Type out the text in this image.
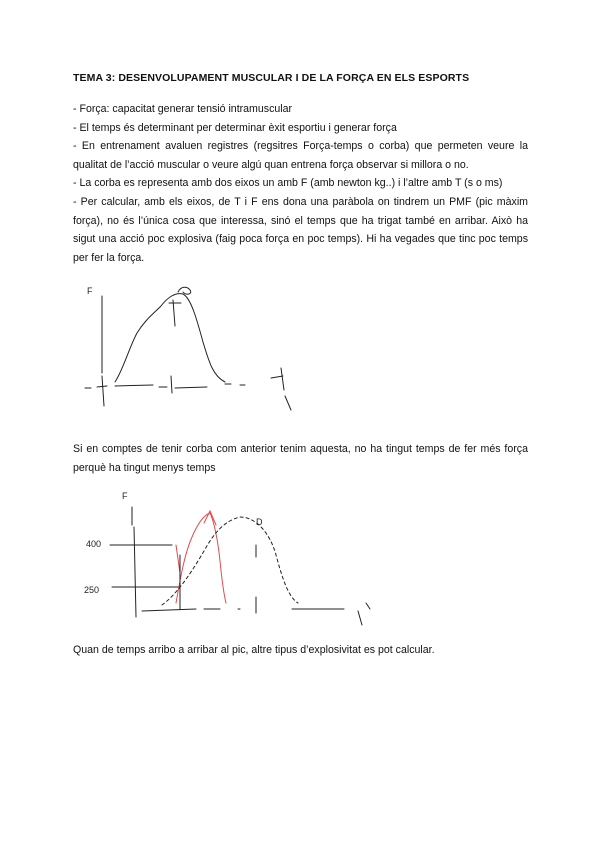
TEMA 3: DESENVOLUPAMENT MUSCULAR I DE LA FORÇA EN ELS ESPORTS

- Força: capacitat generar tensió intramuscular

- El temps és determinant per determinar èxit esportiu i generar força

- En entrenament avaluen registres (regsitres Força-temps o corba) que permeten veure la qualitat de l’acció muscular o veure algú quan entrena força observar si millora o no.

- La corba es representa amb dos eixos un amb F (amb newton kg..) i l’altre amb T (s o ms)

- Per calcular, amb els eixos, de T i F ens dona una paràbola on tindrem un PMF (pic màxim força), no és l’única cosa que interessa, sinó el temps que ha trigat també en arribar. Això ha sigut una acció poc explosiva (faig poca força en poc temps). Hi ha vegades que tinc poc temps per fer la força.

F

Si en comptes de tenir corba com anterior tenim aquesta, no ha tingut temps de fer més força perquè ha tingut menys temps

F
400
250
D

Quan de temps arribo a arribar al pic, altre tipus d’explosivitat es pot calcular.
